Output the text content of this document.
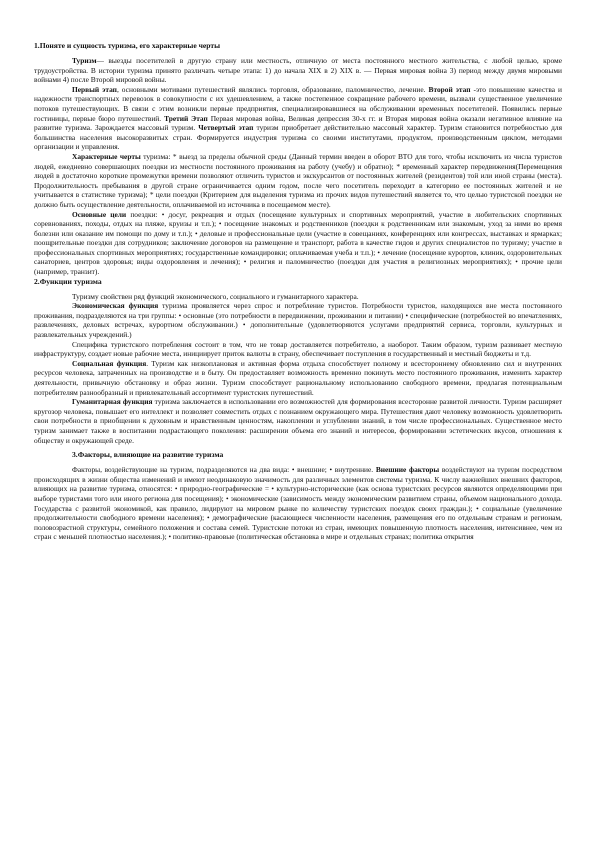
1.Поняте и сущность туризма, его характерные черты

Туризм— выезды посетителей в другую страну или местность, отличную от места постоянного местного жительства, с любой целью, кроме трудоустройства. В истории туризма принято различать четыре этапа: 1) до начала XIX в 2) XIX в. — Первая мировая война 3) период между двумя мировыми войнами 4) после Второй мировой войны.

Первый этап, основными мотивами путешествий являлись торговля, образование, паломничество, лечение. Второй этап -это повышение качества и надежности транспортных перевозок в совокупности с их удешевлением, а также постепенное сокращение рабочего времени, вызвали существенное увеличение потоков путешествующих. В связи с этим возникли первые предприятия, специализировавшиеся на обслуживании временных посетителей. Появились первые гостиницы, первые бюро путешествий. Третий Этап Первая мировая война, Великая депрессия 30-х гг. и Вторая мировая война оказали негативное влияние на развитие туризма. Зарождается массовый туризм. Четвертый этап туризм приобретает действительно массовый характер. Туризм становится потребностью для большинства населения высокоразвитых стран. Формируется индустрия туризма со своими институтами, продуктом, производственным циклом, методами организации и управления.

Характерные черты туризма: * выезд за пределы обычной среды (Данный термин введен в оборот ВТО для того, чтобы исключить из числа туристов людей, ежедневно совершающих поездки из местности постоянного проживания на работу (учебу) и обратно); * временный характер передвижения(Перемещения людей в достаточно короткие промежутки времени позволяют отличить туристов и экскурсантов от постоянных жителей (резидентов) той или иной страны (места). Продолжительность пребывания в другой стране ограничивается одним годом, после чего посетитель переходит в категорию ее постоянных жителей и не учитывается в статистике туризма); * цели поездки (Критерием для выделения туризма из прочих видов путешествий является то, что целью туристской поездки не должно быть осуществление деятельности, оплачиваемой из источника в посещаемом месте).

Основные цели поездки: • досуг, рекреация и отдых (посещение культурных и спортивных мероприятий, участие в любительских спортивных соревнованиях, походы, отдых на пляже, круизы и т.п.); • посещение знакомых и родственников (поездки к родственникам или знакомым, уход за ними во время болезни или оказание им помощи по дому и т.п.); • деловые и профессиональные цели (участие в совещаниях, конференциях или конгрессах, выставках и ярмарках; поощрительные поездки для сотрудников; заключение договоров на размещение и транспорт, работа в качестве гидов и других специалистов по туризму; участие в профессиональных спортивных мероприятиях; государственные командировки; оплачиваемая учеба и т.п.); • лечение (посещение курортов, клиник, оздоровительных санаториев, центров здоровья; виды оздоровления и лечения); • религия и паломничество (поездки для участия в религиозных мероприятиях); • прочие цели (например, транзит).

2.Функции туризма

Туризму свойствен ряд функций экономического, социального и гуманитарного характера.

Экономическая функция туризма проявляется через спрос и потребление туристов. Потребности туристов, находящихся вне места постоянного проживания, подразделяются на три группы: • основные (это потребности в передвижении, проживании и питании) • специфические (потребностей во впечатлениях, развлечениях, деловых встречах, курортном обслуживании.) • дополнительные (удовлетворяются услугами предприятий сервиса, торговли, культурных и развлекательных учреждений.)

Специфика туристского потребления состоит в том, что не товар доставляется потребителю, а наоборот. Таким образом, туризм развивает местную инфраструктуру, создает новые рабочие места, инициирует приток валюты в страну, обеспечивает поступления в государственный и местный бюджеты и т.д.

Социальная функция. Туризм как низкоплановая и активная форма отдыха способствует полному и всестороннему обновлению сил и внутренних ресурсов человека, затраченных на производстве и в быту. Он предоставляет возможность временно покинуть место постоянного проживания, изменить характер деятельности, привычную обстановку и образ жизни. Туризм способствует рациональному использованию свободного времени, предлагая потенциальным потребителям разнообразный и привлекательный ассортимент туристских путешествий.

Гуманитарная функция туризма заключается в использовании его возможностей для формирования всесторонне развитой личности. Туризм расширяет кругозор человека, повышает его интеллект и позволяет совместить отдых с познанием окружающего мира. Путешествия дают человеку возможность удовлетворить свои потребности в приобщении к духовным и нравственным ценностям, накоплении и углублении знаний, в том числе профессиональных. Существенное место туризм занимает также в воспитании подрастающего поколения: расширении объема его знаний и интересов, формировании эстетических вкусов, отношения к обществу и окружающей среде.

3.Факторы, влияющие на развитие туризма

Факторы, воздействующие на туризм, подразделяются на два вида: • внешние; • внутренние. Внешние факторы воздействуют на туризм посредством происходящих в жизни общества изменений и имеют неодинаковую значимость для различных элементов системы туризма. К числу важнейших внешних факторов, влияющих на развитие туризма, относятся: • природно-географические = • культурно-исторические (как основа туристских ресурсов являются определяющими при выборе туристами того или иного региона для посещения); • экономические (зависимость между экономическим развитием страны, объемом национального дохода. Государства с развитой экономикой, как правило, лидируют на мировом рынке по количеству туристских поездок своих граждан.); • социальные (увеличение продолжительности свободного времени населения); • демографические (касающиеся численности населения, размещения его по отдельным странам и регионам, половозрастной структуры, семейного положения и состава семей. Туристские потоки из стран, имеющих повышенную плотность населения, интенсивнее, чем из стран с меньшей плотностью населения.); • политико-правовые (политическая обстановка в мире и отдельных странах; политика открытия
